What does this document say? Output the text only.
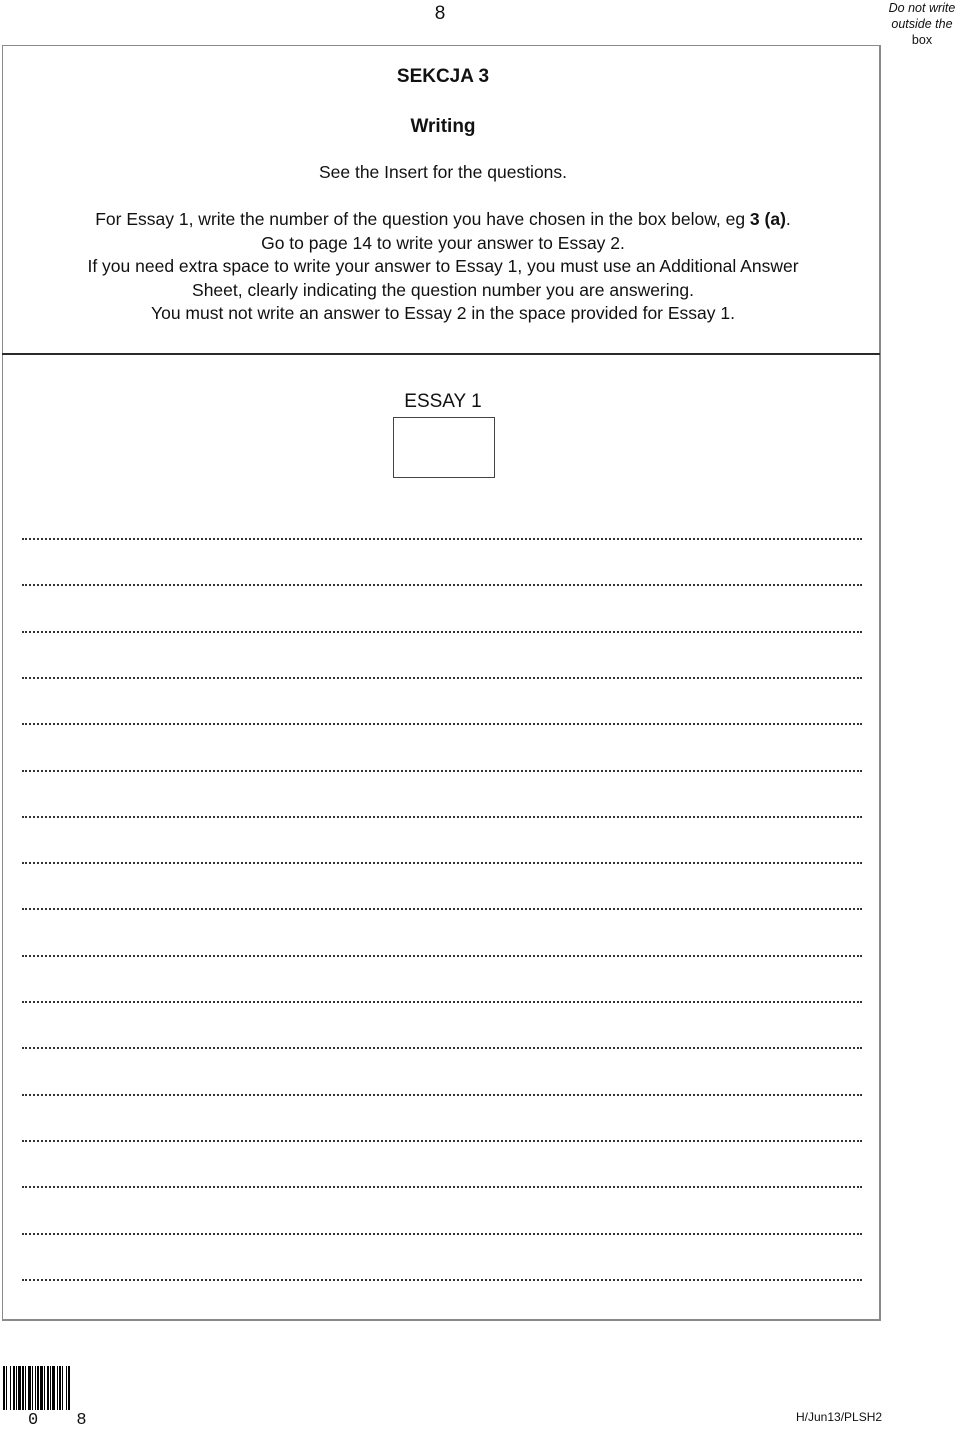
8	Do not write
outside the
box
SEKCJA 3
Writing
See the Insert for the questions.

For Essay 1, write the number of the question you have chosen in the box below, eg 3 (a).

Go to page 14 to write your answer to Essay 2.

If you need extra space to write your answer to Essay 1, you must use an Additional Answer

Sheet, clearly indicating the question number you are answering.

You must not write an answer to Essay 2 in the space provided for Essay 1.

ESSAY 1
0 8	H/Jun13/PLSH2
